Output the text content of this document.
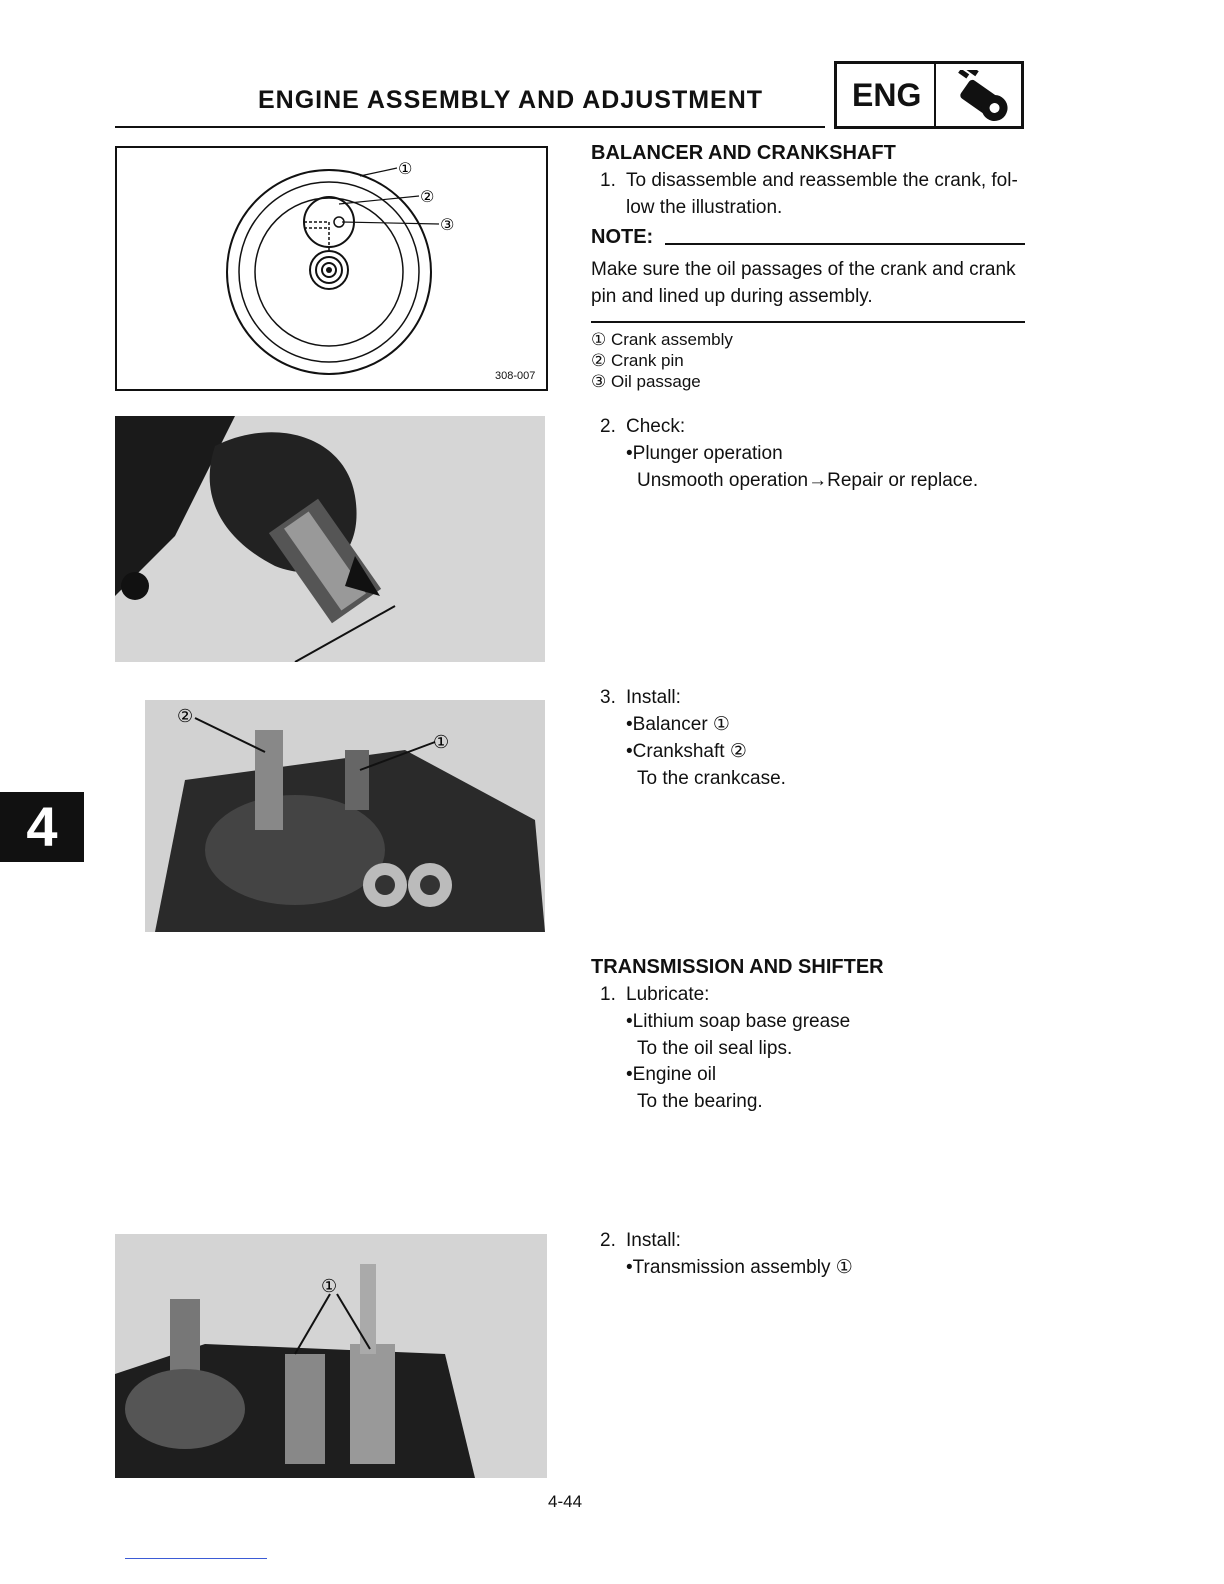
ENGINE ASSEMBLY AND ADJUSTMENT	ENG
①
②
③
308-007
BALANCER AND CRANKSHAFT
1. To disassemble and reassemble the crank, fol-
low the illustration.
NOTE:
Make sure the oil passages of the crank and crank
pin and lined up during assembly.
① Crank assembly
② Crank pin
③ Oil passage
2. Check:
•Plunger operation
Unsmooth operation→Repair or replace.
②
①
3. Install:
•Balancer ①
•Crankshaft ②
To the crankcase.
4
TRANSMISSION AND SHIFTER
1. Lubricate:
•Lithium soap base grease
To the oil seal lips.
•Engine oil
To the bearing.
2. Install:
•Transmission assembly ①
①
4-44
